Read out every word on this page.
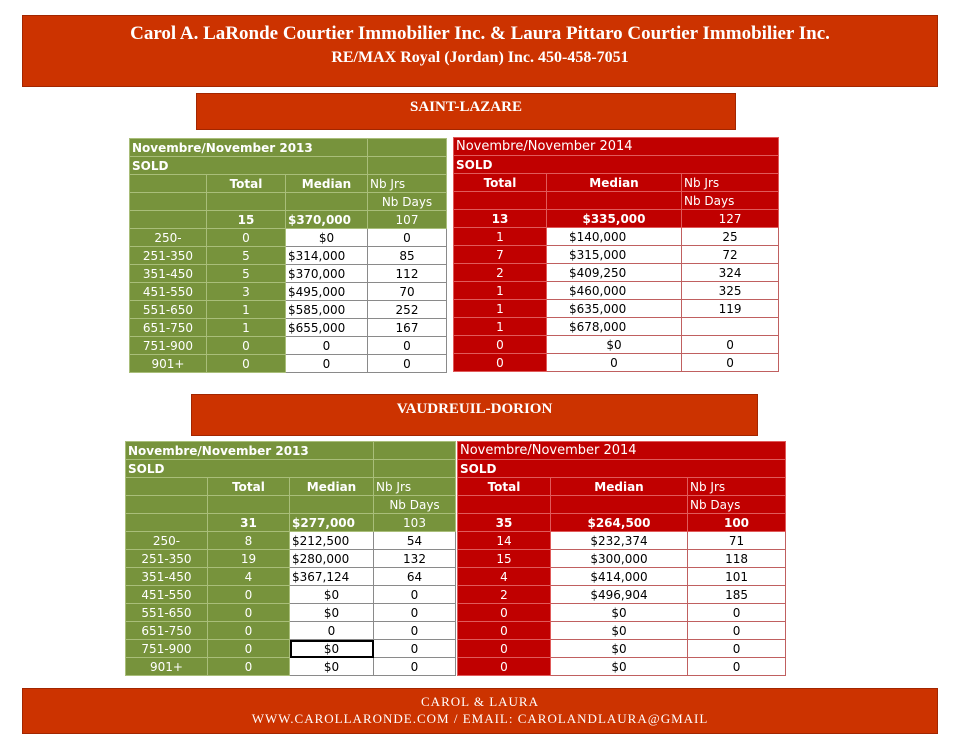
Carol A. LaRonde Courtier Immobilier Inc. & Laura Pittaro Courtier Immobilier Inc.
RE/MAX Royal (Jordan) Inc. 450-458-7051
SAINT-LAZARE
VAUDREUIL-DORION
Novembre/November 2013			
SOLD			
	Total	Median	Nb Jrs
			Nb Days
	15	$370,000	107
250-	0	$0	0
251-350	5	$314,000	85
351-450	5	$370,000	112
451-550	3	$495,000	70
551-650	1	$585,000	252
651-750	1	$655,000	167
751-900	0	0	0
901+	0	0	0
Novembre/November 2014		
SOLD		
Total	Median	Nb Jrs
		Nb Days
13	$335,000	127
1	$140,000	25
7	$315,000	72
2	$409,250	324
1	$460,000	325
1	$635,000	119
1	$678,000	
0	$0	0
0	0	0
Novembre/November 2013			
SOLD			
	Total	Median	Nb Jrs
			Nb Days
	31	$277,000	103
250-	8	$212,500	54
251-350	19	$280,000	132
351-450	4	$367,124	64
451-550	0	$0	0
551-650	0	$0	0
651-750	0	0	0
751-900	0	$0	0
901+	0	$0	0
Novembre/November 2014		
SOLD		
Total	Median	Nb Jrs
		Nb Days
35	$264,500	100
14	$232,374	71
15	$300,000	118
4	$414,000	101
2	$496,904	185
0	$0	0
0	$0	0
0	$0	0
0	$0	0
CAROL & LAURA
WWW.CAROLLARONDE.COM / EMAIL: CAROLANDLAURA@GMAIL
